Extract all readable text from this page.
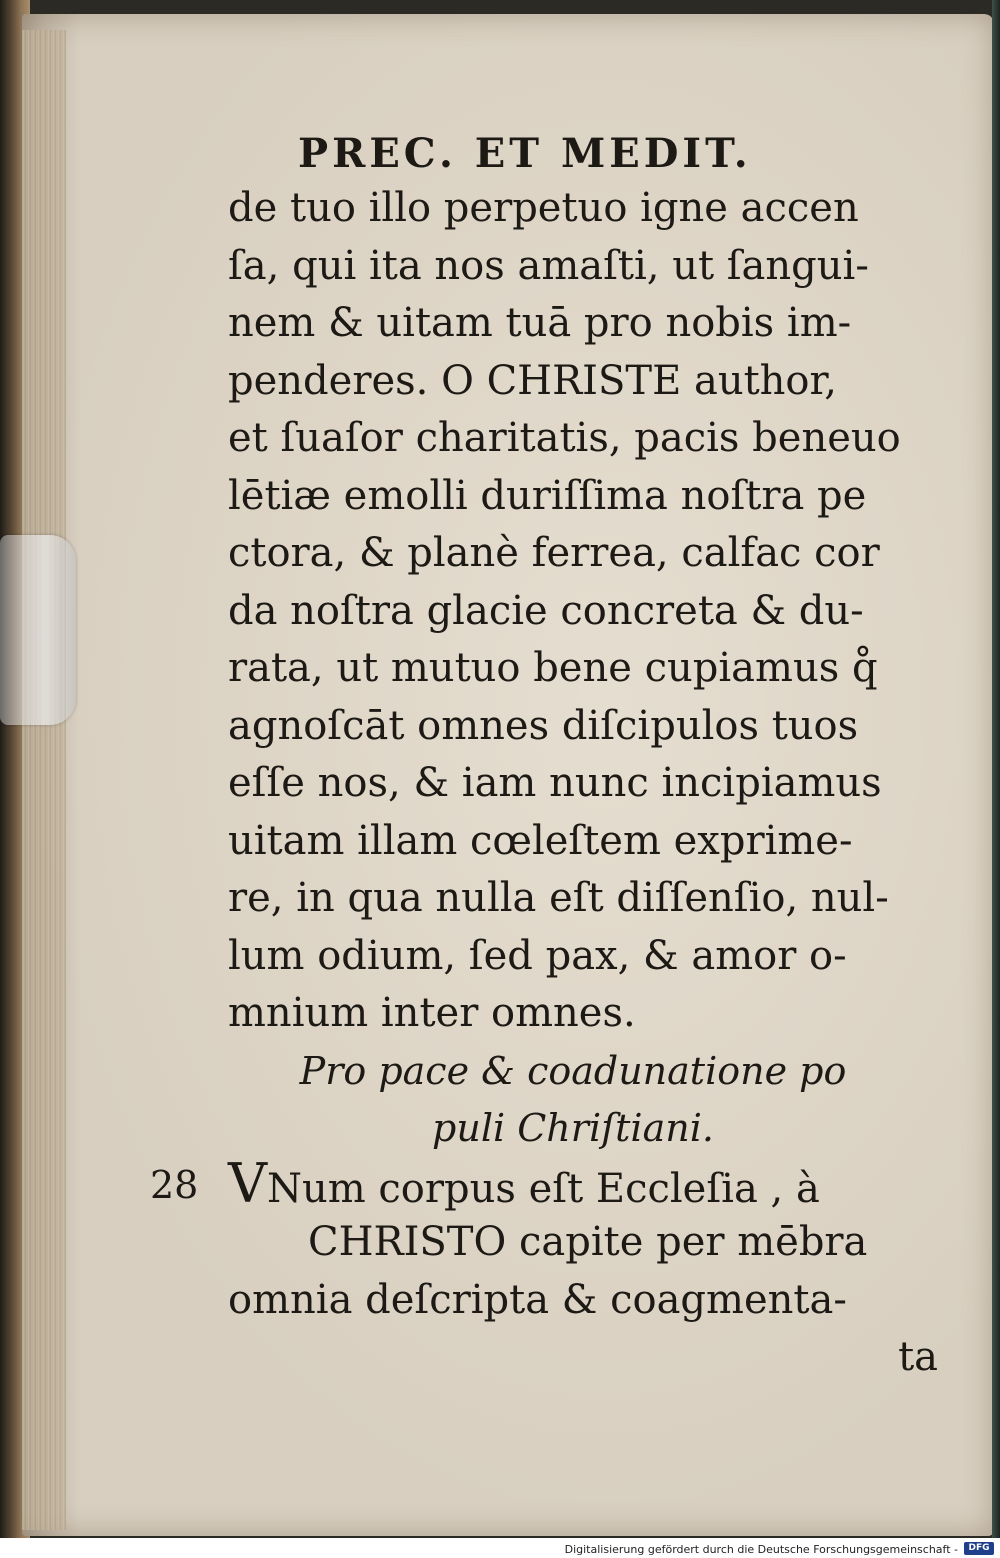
PREC. ET MEDIT.
de tuo illo perpetuo igne accen
ſa, qui ita nos amaſti, ut ſangui-
nem & uitam tuā pro nobis im-
penderes. O CHRISTE author,
et ſuaſor charitatis, pacis beneuo
lētiæ emolli duriſſima noſtra pe
ctora, & planè ferrea, calfac cor
da noſtra glacie concreta & du-
rata, ut mutuo bene cupiamus q̊
agnoſcāt omnes diſcipulos tuos
eſſe nos, & iam nunc incipiamus
uitam illam cœleſtem exprime-
re, in qua nulla eſt diſſenſio, nul-
lum odium, ſed pax, & amor o-
mnium inter omnes.
Pro pace & coadunatione po
puli Chriſtiani.
28 VNum corpus eſt Eccleſia , à
CHRISTO capite per mēbra
omnia deſcripta & coagmenta-
ta
Digitalisierung gefördert durch die Deutsche Forschungsgemeinschaft -	DFG
